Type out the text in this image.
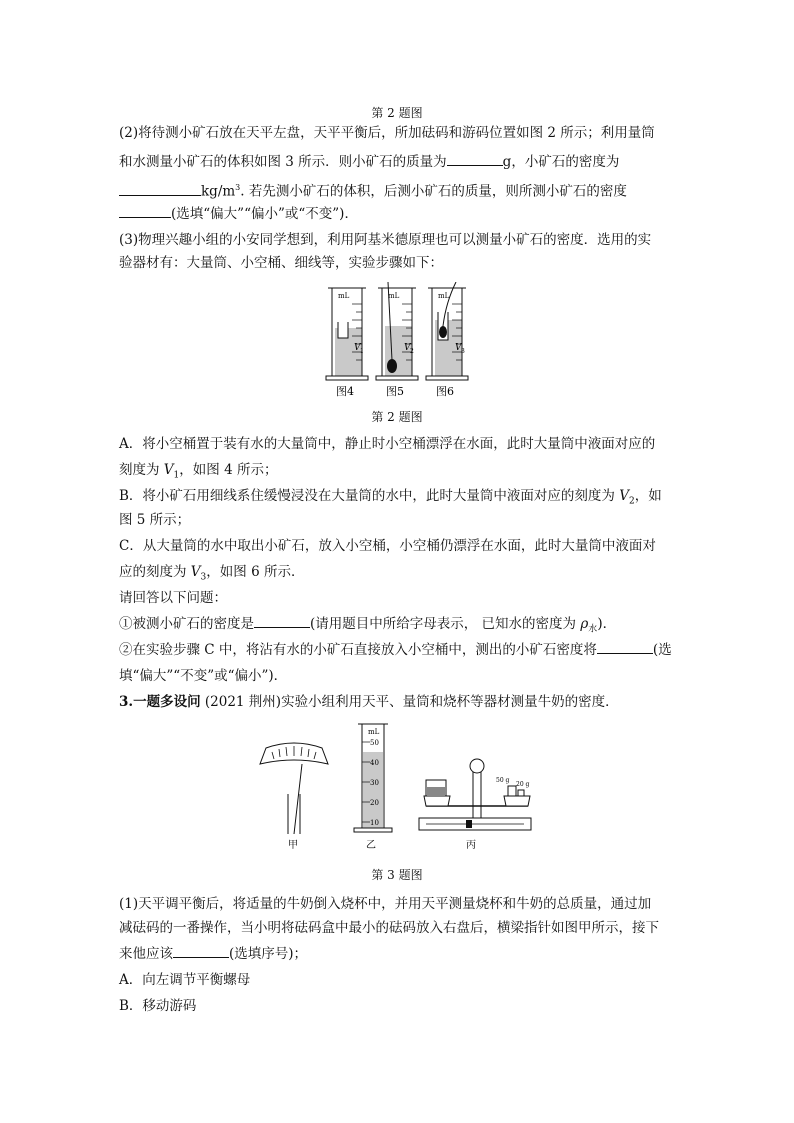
第 2 题图
(2)将待测小矿石放在天平左盘，天平平衡后，所加砝码和游码位置如图 2 所示；利用量筒
和水测量小矿石的体积如图 3 所示．则小矿石的质量为	g，小矿石的密度为
$kg/m^3$. 若先测小矿石的体积，后测小矿石的质量，则所测小矿石的密度
(选填“偏大”“偏小”或“不变”)．
(3)物理兴趣小组的小安同学想到，利用阿基米德原理也可以测量小矿石的密度．选用的实
验器材有：大量筒、小空桶、细线等，实验步骤如下：
mL
V 1
图4
mL
V 2
图5
mL
V 3
图6
第 2 题图
A．将小空桶置于装有水的大量筒中，静止时小空桶漂浮在水面，此时大量筒中液面对应的
刻度为 $V_1$，如图 4 所示；
B．将小矿石用细线系住缓慢浸没在大量筒的水中，此时大量筒中液面对应的刻度为 $V_2$，如
图 5 所示；
C．从大量筒的水中取出小矿石，放入小空桶，小空桶仍漂浮在水面，此时大量筒中液面对
应的刻度为 $V_3$，如图 6 所示．
请回答以下问题：
①被测小矿石的密度是	(请用题目中所给字母表示， 已知水的密度为 $\rho_水$)．
②在实验步骤 C 中，将沾有水的小矿石直接放入小空桶中，测出的小矿石密度将	(选
填“偏大”“不变”或“偏小”)．
3.一题多设问 (2021 荆州)实验小组利用天平、量筒和烧杯等器材测量牛奶的密度．
甲
mL
50
40
30
20
10
乙
50 g
20 g
丙
第 3 题图
(1)天平调平衡后，将适量的牛奶倒入烧杯中，并用天平测量烧杯和牛奶的总质量，通过加
减砝码的一番操作，当小明将砝码盒中最小的砝码放入右盘后，横梁指针如图甲所示，接下
来他应该	(选填序号)；
A．向左调节平衡螺母
B．移动游码
